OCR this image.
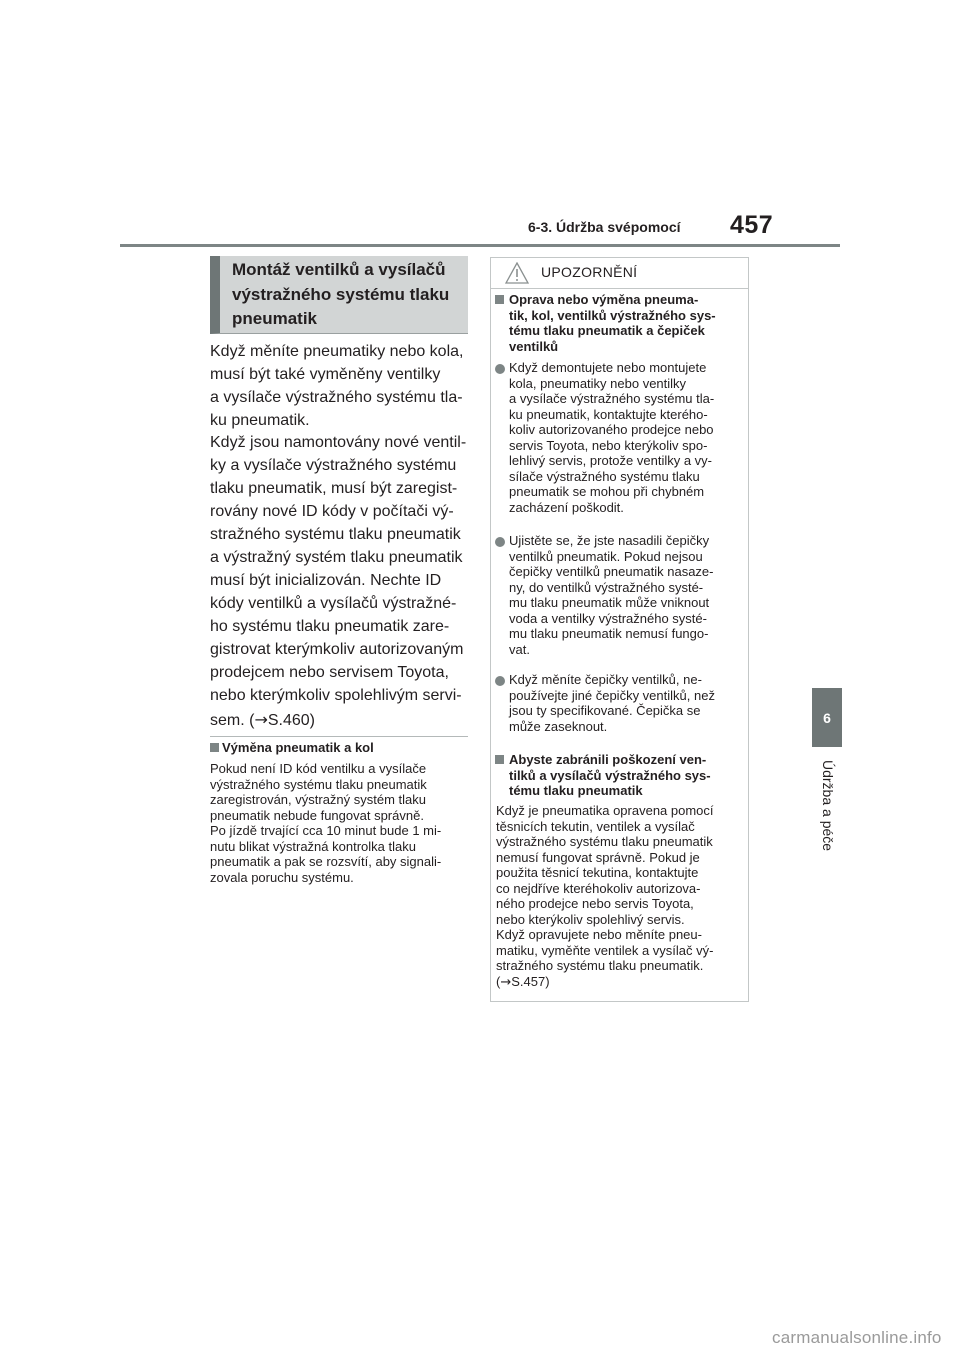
6-3. Údržba svépomocí 457
6
Údržba a péče
Montáž ventilků a vysílačů
výstražného systému tlaku
pneumatik
Když měníte pneumatiky nebo kola,
musí být také vyměněny ventilky
a vysílače výstražného systému tla-
ku pneumatik.
Když jsou namontovány nové ventil-
ky a vysílače výstražného systému
tlaku pneumatik, musí být zaregist-
rovány nové ID kódy v počítači vý-
stražného systému tlaku pneumatik
a výstražný systém tlaku pneumatik
musí být inicializován. Nechte ID
kódy ventilků a vysílačů výstražné-
ho systému tlaku pneumatik zare-
gistrovat kterýmkoliv autorizovaným
prodejcem nebo servisem Toyota,
nebo kterýmkoliv spolehlivým servi-
sem. (→S.460)
Výměna pneumatik a kol
Pokud není ID kód ventilku a vysílače
výstražného systému tlaku pneumatik
zaregistrován, výstražný systém tlaku
pneumatik nebude fungovat správně.
Po jízdě trvající cca 10 minut bude 1 mi-
nutu blikat výstražná kontrolka tlaku
pneumatik a pak se rozsvítí, aby signali-
zovala poruchu systému.
UPOZORNĚNÍ
Oprava nebo výměna pneuma-
tik, kol, ventilků výstražného sys-
tému tlaku pneumatik a čepiček
ventilků
Když demontujete nebo montujete
kola, pneumatiky nebo ventilky
a vysílače výstražného systému tla-
ku pneumatik, kontaktujte kterého-
koliv autorizovaného prodejce nebo
servis Toyota, nebo kterýkoliv spo-
lehlivý servis, protože ventilky a vy-
sílače výstražného systému tlaku
pneumatik se mohou při chybném
zacházení poškodit.
Ujistěte se, že jste nasadili čepičky
ventilků pneumatik. Pokud nejsou
čepičky ventilků pneumatik nasaze-
ny, do ventilků výstražného systé-
mu tlaku pneumatik může vniknout
voda a ventilky výstražného systé-
mu tlaku pneumatik nemusí fungo-
vat.
Když měníte čepičky ventilků, ne-
používejte jiné čepičky ventilků, než
jsou ty specifikované. Čepička se
může zaseknout.
Abyste zabránili poškození ven-
tilků a vysílačů výstražného sys-
tému tlaku pneumatik
Když je pneumatika opravena pomocí
těsnicích tekutin, ventilek a vysílač
výstražného systému tlaku pneumatik
nemusí fungovat správně. Pokud je
použita těsnicí tekutina, kontaktujte
co nejdříve kteréhokoliv autorizova-
ného prodejce nebo servis Toyota,
nebo kterýkoliv spolehlivý servis.
Když opravujete nebo měníte pneu-
matiku, vyměňte ventilek a vysílač vý-
stražného systému tlaku pneumatik.
(→S.457)
carmanualsonline.info
